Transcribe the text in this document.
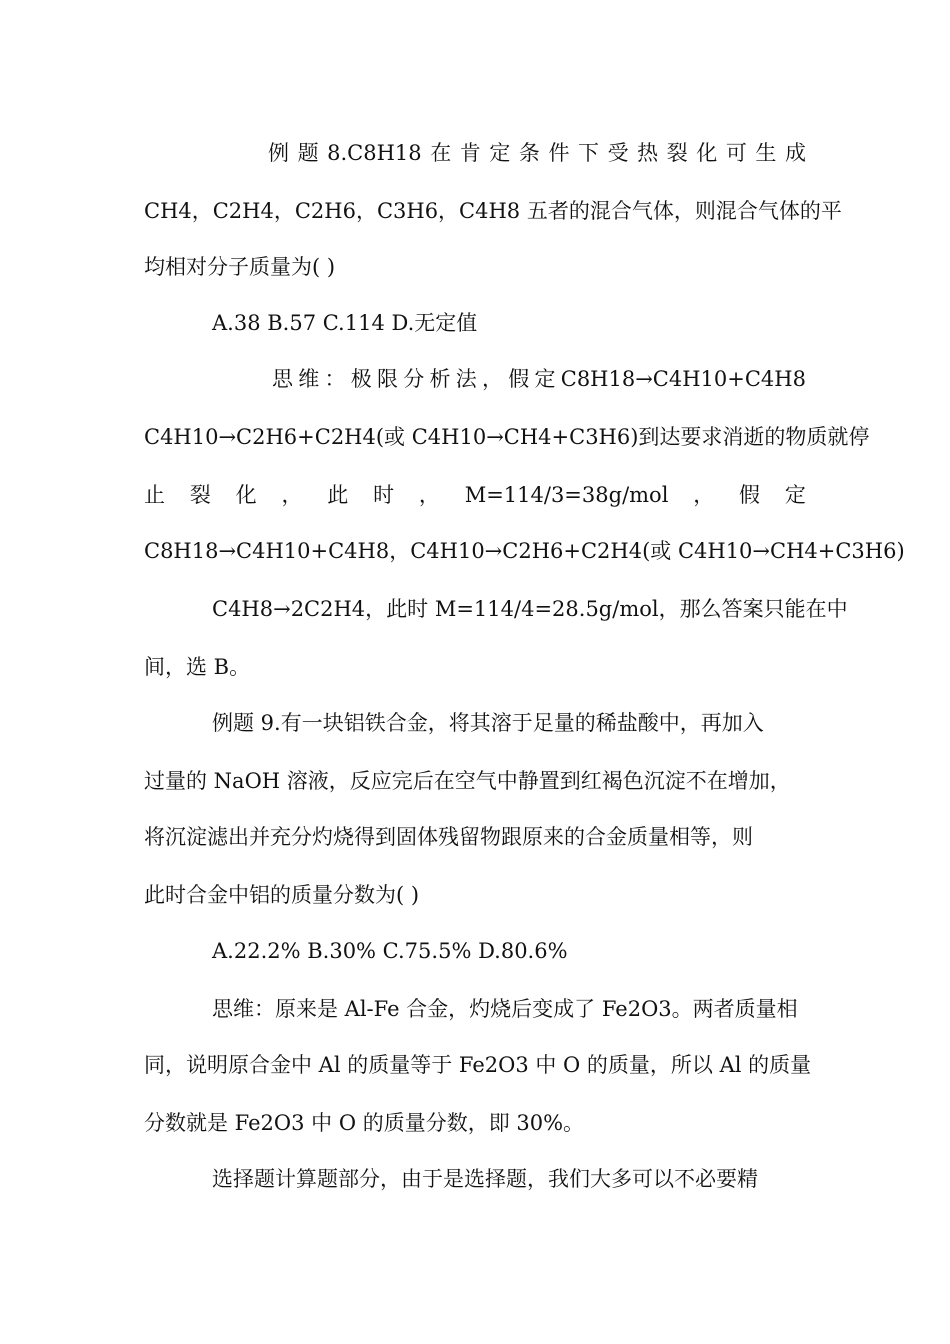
例 题 8.C8H18 在 肯 定 条 件 下 受 热 裂 化 可 生 成
CH4，C2H4，C2H6，C3H6，C4H8 五者的混合气体，则混合气体的平
均相对分子质量为( )
A.38 B.57 C.114 D.无定值
思 维 ： 极 限 分 析 法 ， 假 定 C8H18→C4H10+C4H8
C4H10→C2H6+C2H4(或 C4H10→CH4+C3H6)到达要求消逝的物质就停
止 裂 化 ， 此 时 ， M=114/3=38g/mol ， 假 定
C8H18→C4H10+C4H8，C4H10→C2H6+C2H4(或 C4H10→CH4+C3H6)
C4H8→2C2H4，此时 M=114/4=28.5g/mol，那么答案只能在中
间，选 B。
例题 9.有一块铝铁合金，将其溶于足量的稀盐酸中，再加入
过量的 NaOH 溶液，反应完后在空气中静置到红褐色沉淀不在增加，
将沉淀滤出并充分灼烧得到固体残留物跟原来的合金质量相等，则
此时合金中铝的质量分数为( )
A.22.2% B.30% C.75.5% D.80.6%
思维：原来是 Al-Fe 合金，灼烧后变成了 Fe2O3。两者质量相
同，说明原合金中 Al 的质量等于 Fe2O3 中 O 的质量，所以 Al 的质量
分数就是 Fe2O3 中 O 的质量分数，即 30%。
选择题计算题部分，由于是选择题，我们大多可以不必要精
